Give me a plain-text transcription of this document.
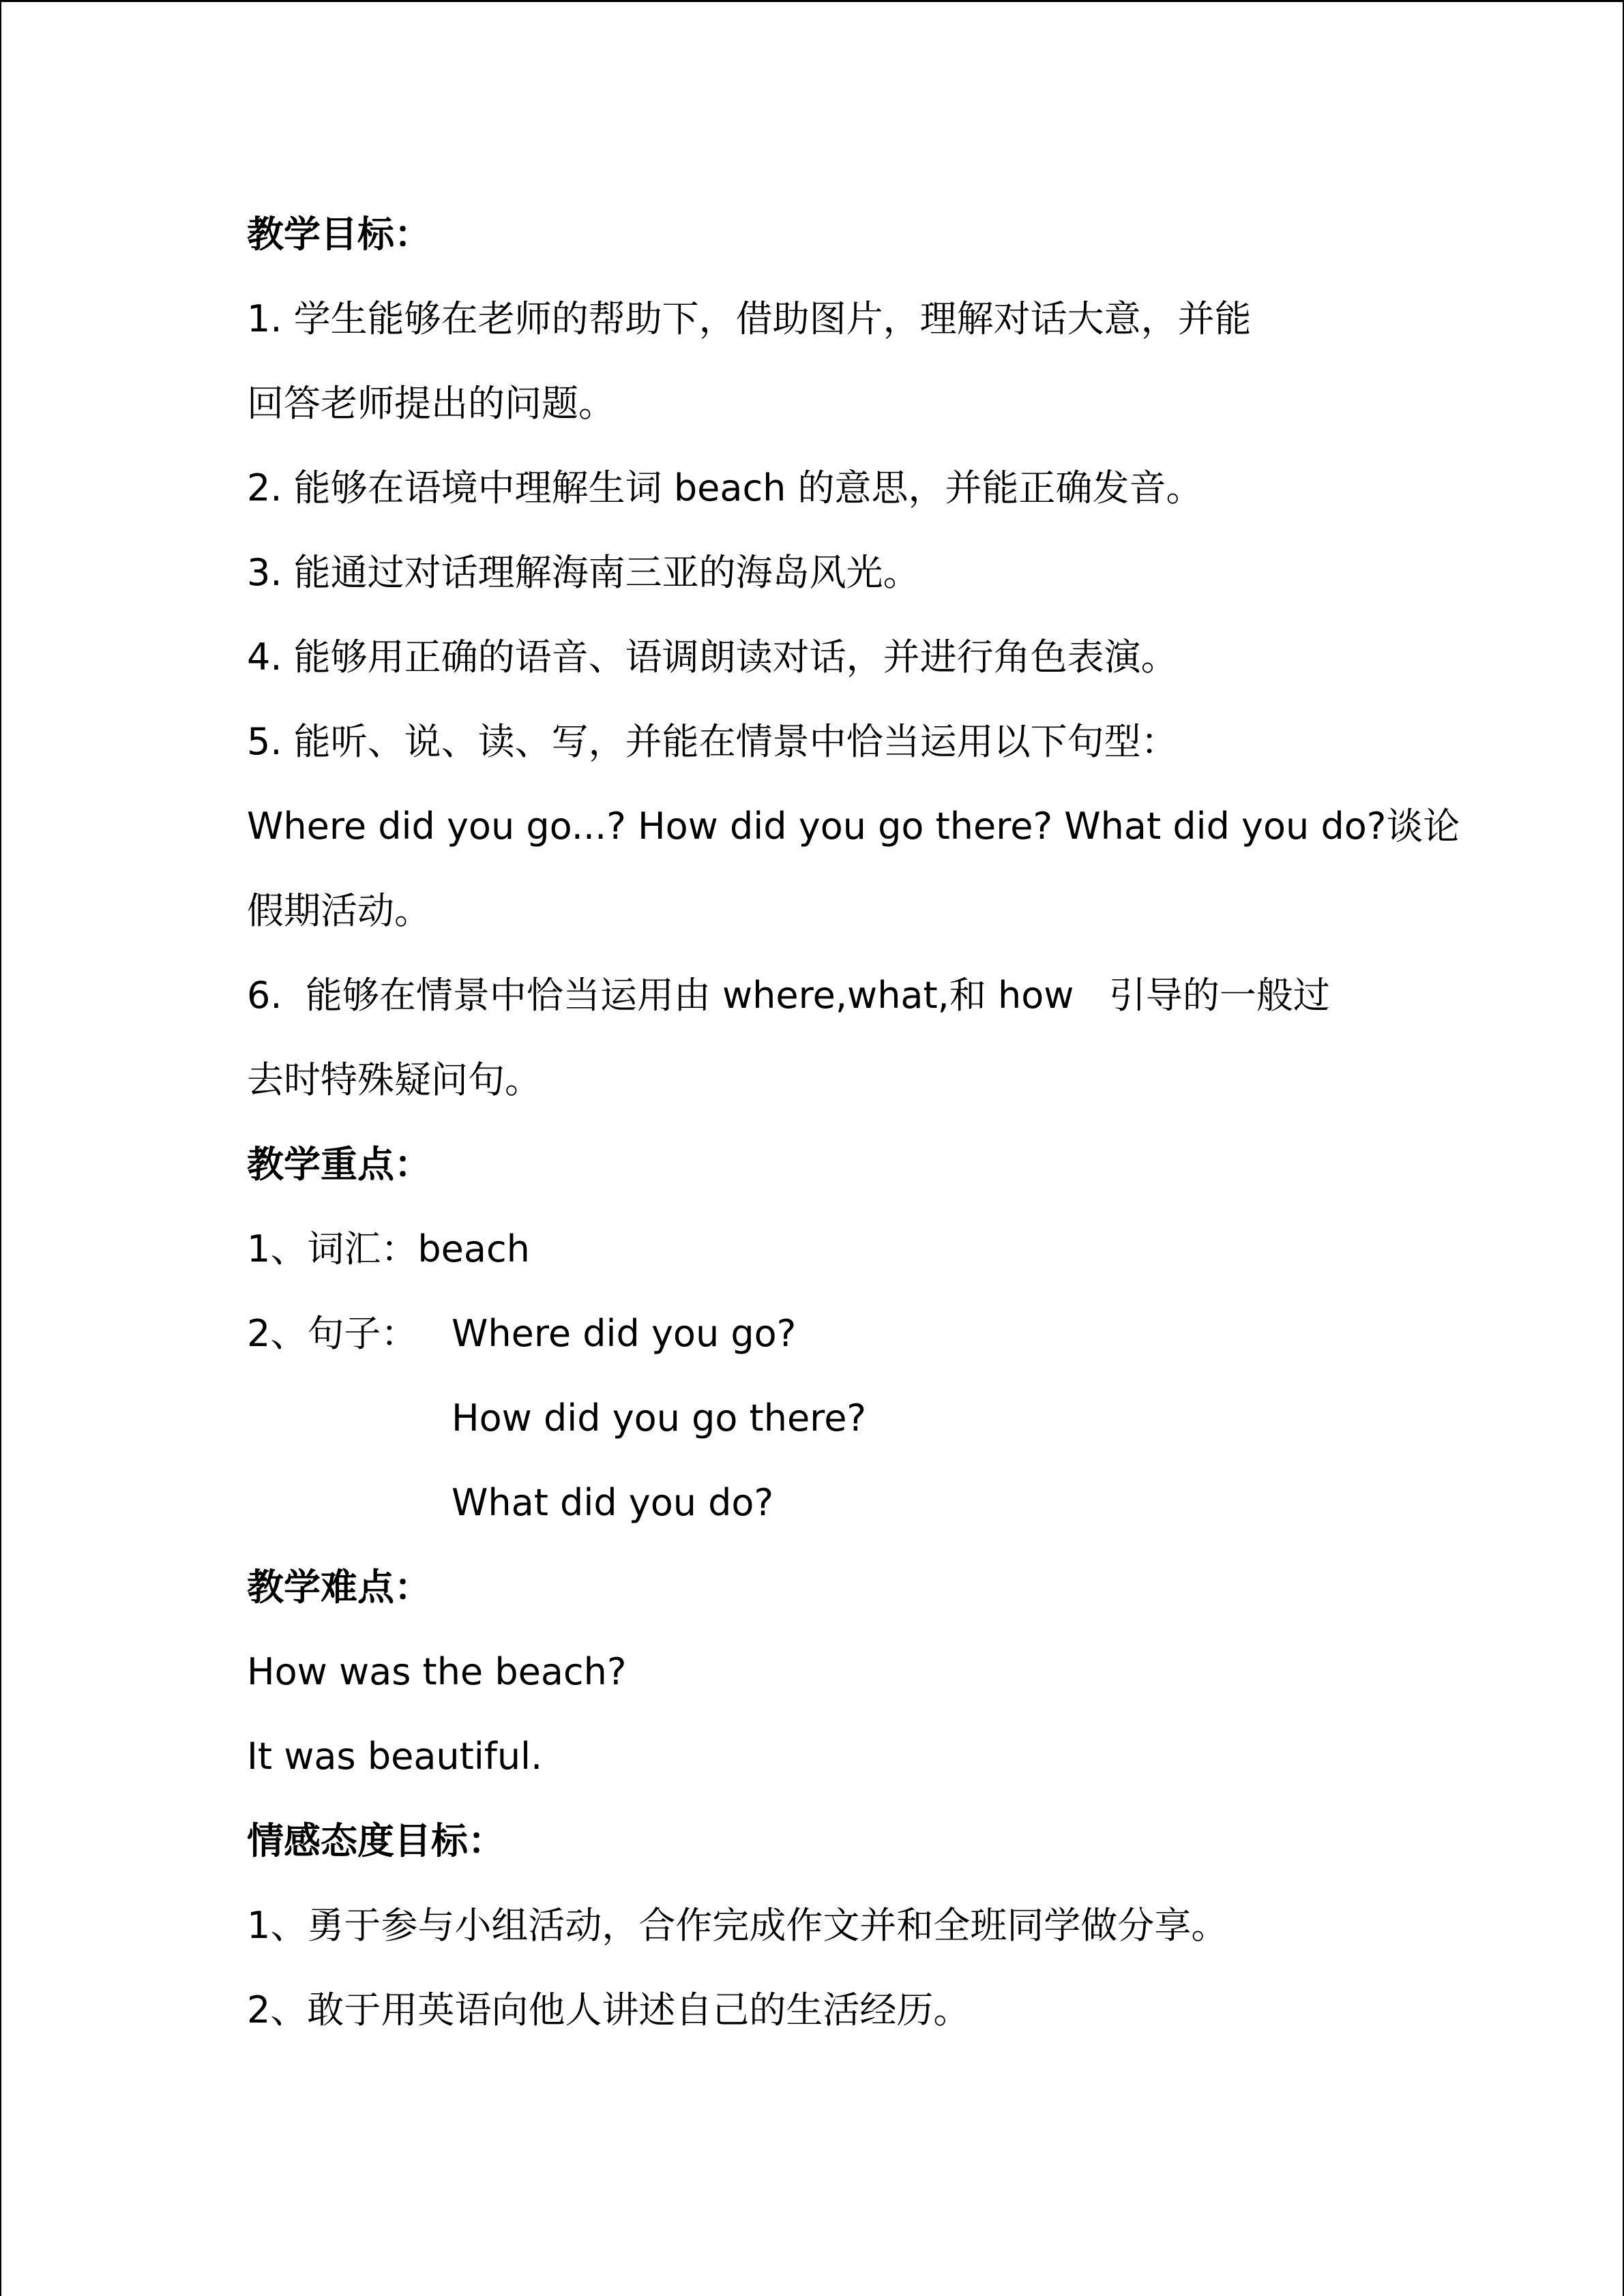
教学目标：

1. 学生能够在老师的帮助下，借助图片，理解对话大意，并能

回答老师提出的问题。

2. 能够在语境中理解生词 beach 的意思，并能正确发音。

3. 能通过对话理解海南三亚的海岛风光。

4. 能够用正确的语音、语调朗读对话，并进行角色表演。

5. 能听、说、读、写，并能在情景中恰当运用以下句型：

Where did you go...? How did you go there? What did you do?谈论

假期活动。

6.  能够在情景中恰当运用由 where,what,和 how   引导的一般过

去时特殊疑问句。

教学重点：

1、词汇：beach

2、句子： Where did you go?

How did you go there?

What did you do?

教学难点：

How was the beach?

It was beautiful.

情感态度目标：

1、勇于参与小组活动，合作完成作文并和全班同学做分享。

2、敢于用英语向他人讲述自己的生活经历。
